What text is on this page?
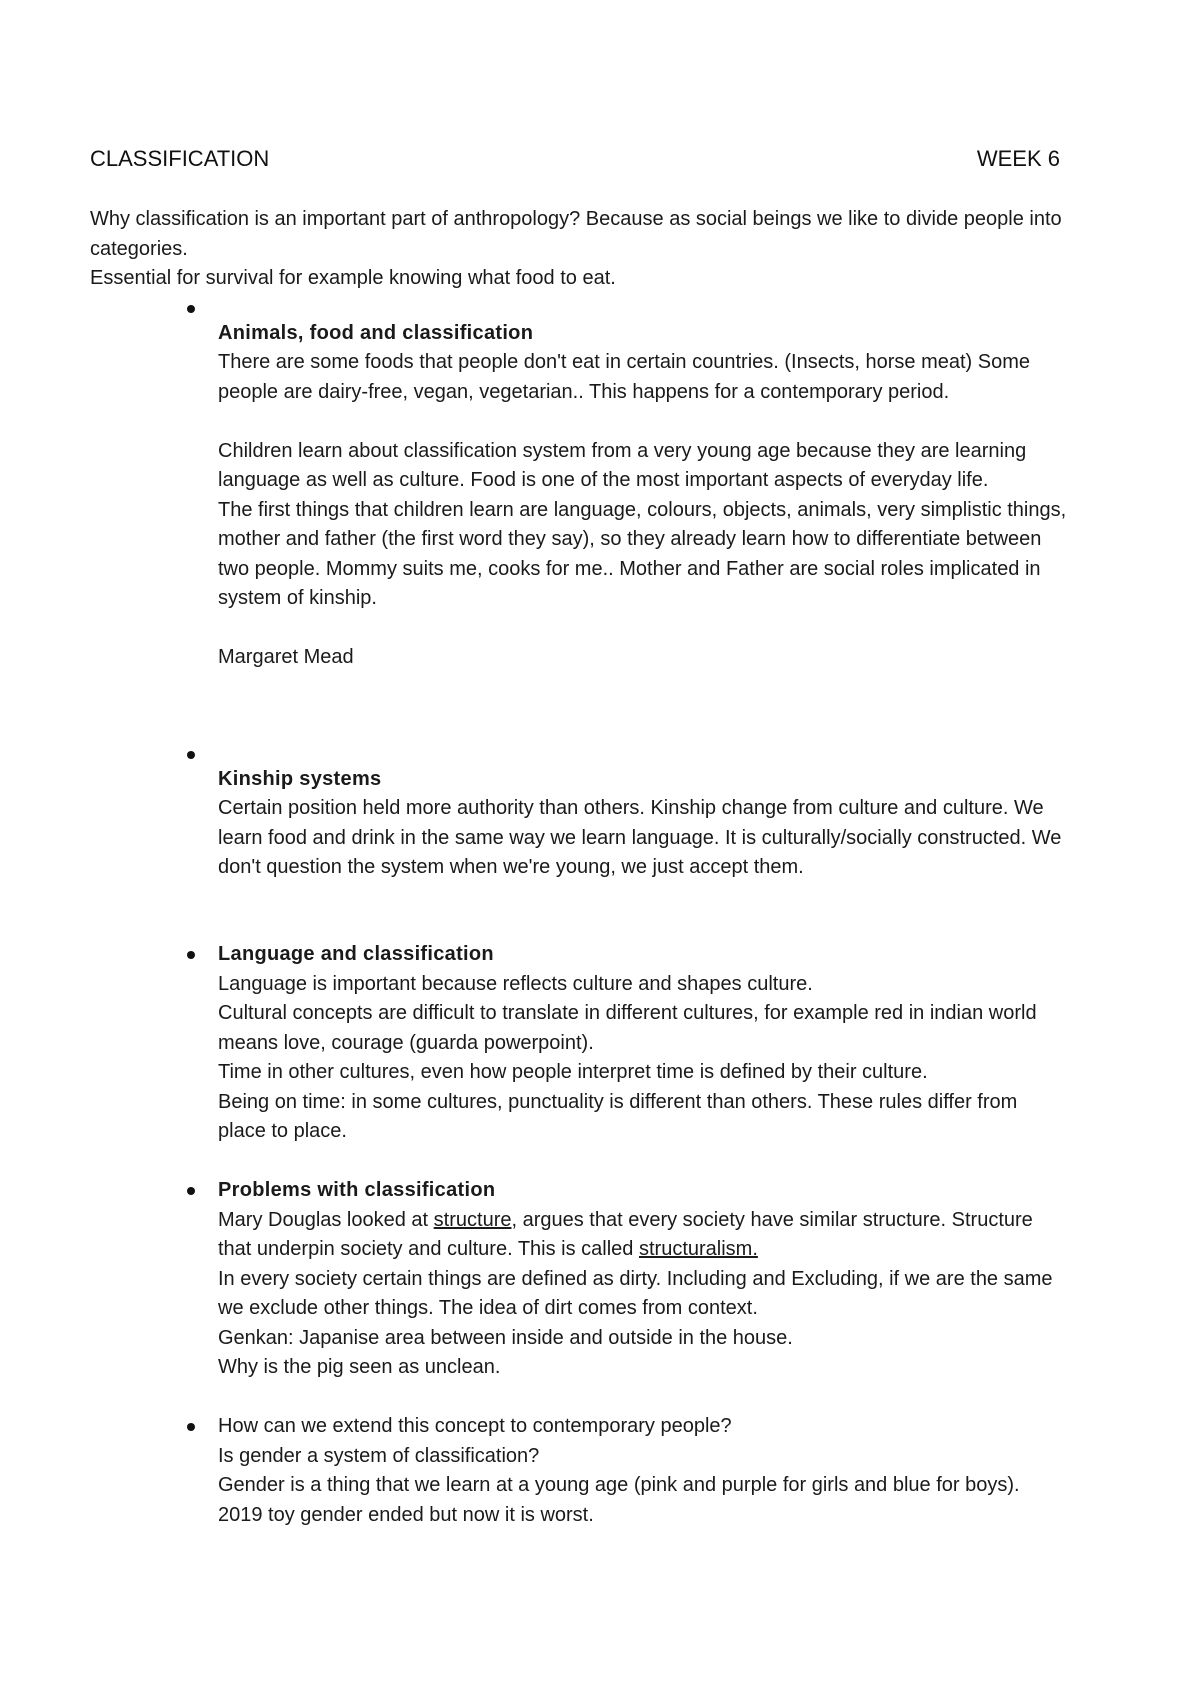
CLASSIFICATION	WEEK 6

Why classification is an important part of anthropology? Because as social beings we like to divide people into categories.

Essential for survival for example knowing what food to eat.

Animals, food and classification

There are some foods that people don't eat in certain countries. (Insects, horse meat) Some people are dairy-free, vegan, vegetarian.. This happens for a contemporary period.

Children learn about classification system from a very young age because they are learning language as well as culture. Food is one of the most important aspects of everyday life.

The first things that children learn are language, colours, objects, animals, very simplistic things, mother and father (the first word they say), so they already learn how to differentiate between two people. Mommy suits me, cooks for me.. Mother and Father are social roles implicated in system of kinship.

Margaret Mead

Kinship systems

Certain position held more authority than others. Kinship change from culture and culture. We learn food and drink in the same way we learn language. It is culturally/socially constructed. We don't question the system when we're young, we just accept them.

Language and classification

Language is important because reflects culture and shapes culture.

Cultural concepts are difficult to translate in different cultures, for example red in indian world means love, courage (guarda powerpoint).

Time in other cultures, even how people interpret time is defined by their culture.

Being on time: in some cultures, punctuality is different than others. These rules differ from place to place.

Problems with classification

Mary Douglas looked at structure, argues that every society have similar structure. Structure that underpin society and culture. This is called structuralism.

In every society certain things are defined as dirty. Including and Excluding, if we are the same we exclude other things. The idea of dirt comes from context.

Genkan: Japanise area between inside and outside in the house.

Why is the pig seen as unclean.

How can we extend this concept to contemporary people?

Is gender a system of classification?

Gender is a thing that we learn at a young age (pink and purple for girls and blue for boys).

2019 toy gender ended but now it is worst.
